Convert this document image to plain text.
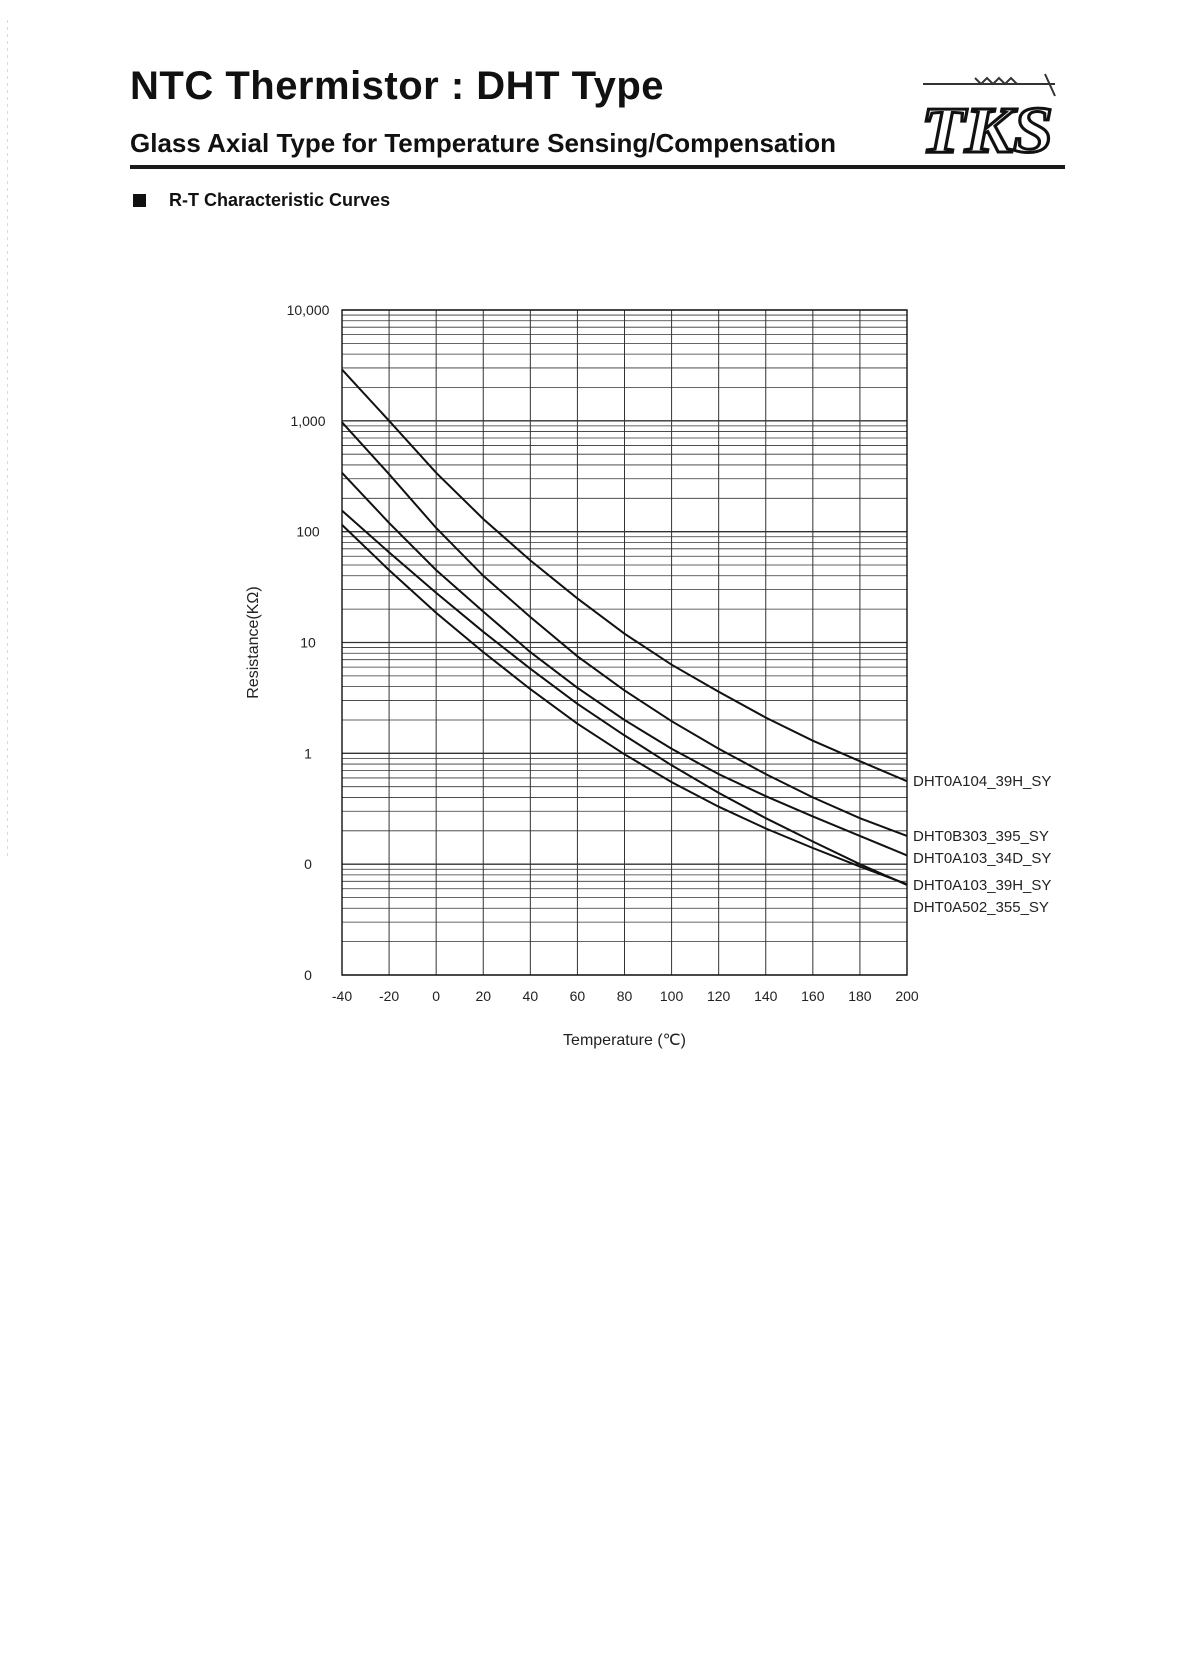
NTC Thermistor : DHT Type
Glass Axial Type for Temperature Sensing/Compensation TKS
R-T Characteristic Curves
-40 -20 0	20 40 60 80 100 120 140 160 180 200
10,000
1,000
100
10
1
0
0
Temperature (℃)
Resistance(KΩ)
DHT0A104_39H_SY
DHT0B303_395_SY
DHT0A103_34D_SY
DHT0A103_39H_SY
DHT0A502_355_SY
